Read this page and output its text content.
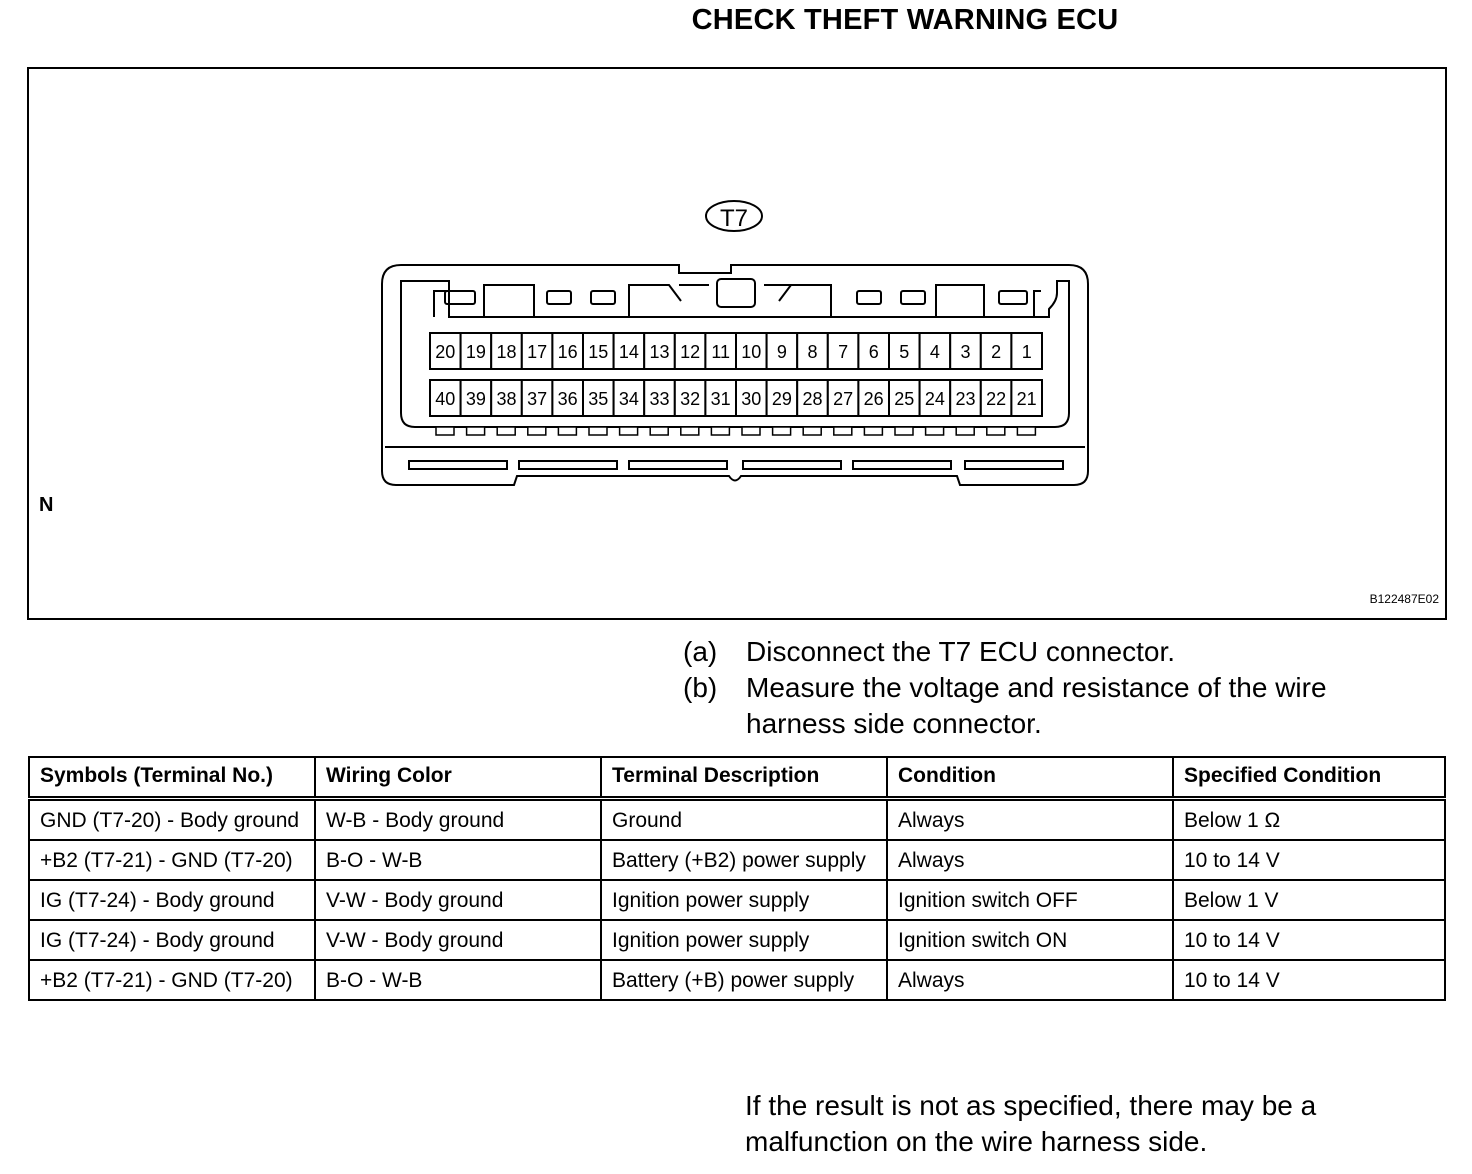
CHECK THEFT WARNING ECU
T7
20 19 18 17 16 15 14 13 12 11 10 9 8 7 6 5 4 3 2 1
40 39 38 37 36 35 34 33 32 31 30 29 28 27 26 25 24 23 22 21
N
B122487E02
(a)	Disconnect the T7 ECU connector.
(b)	Measure the voltage and resistance of the wire harness side connector.
Symbols (Terminal No.)	Wiring Color	Terminal Description	Condition	Specified Condition
GND (T7-20) - Body ground	W-B - Body ground	Ground	Always	Below 1 Ω
+B2 (T7-21) - GND (T7-20)	B-O - W-B	Battery (+B2) power supply	Always	10 to 14 V
IG (T7-24) - Body ground	V-W - Body ground	Ignition power supply	Ignition switch OFF	Below 1 V
IG (T7-24) - Body ground	V-W - Body ground	Ignition power supply	Ignition switch ON	10 to 14 V
+B2 (T7-21) - GND (T7-20)	B-O - W-B	Battery (+B) power supply	Always	10 to 14 V
If the result is not as specified, there may be a malfunction on the wire harness side.
